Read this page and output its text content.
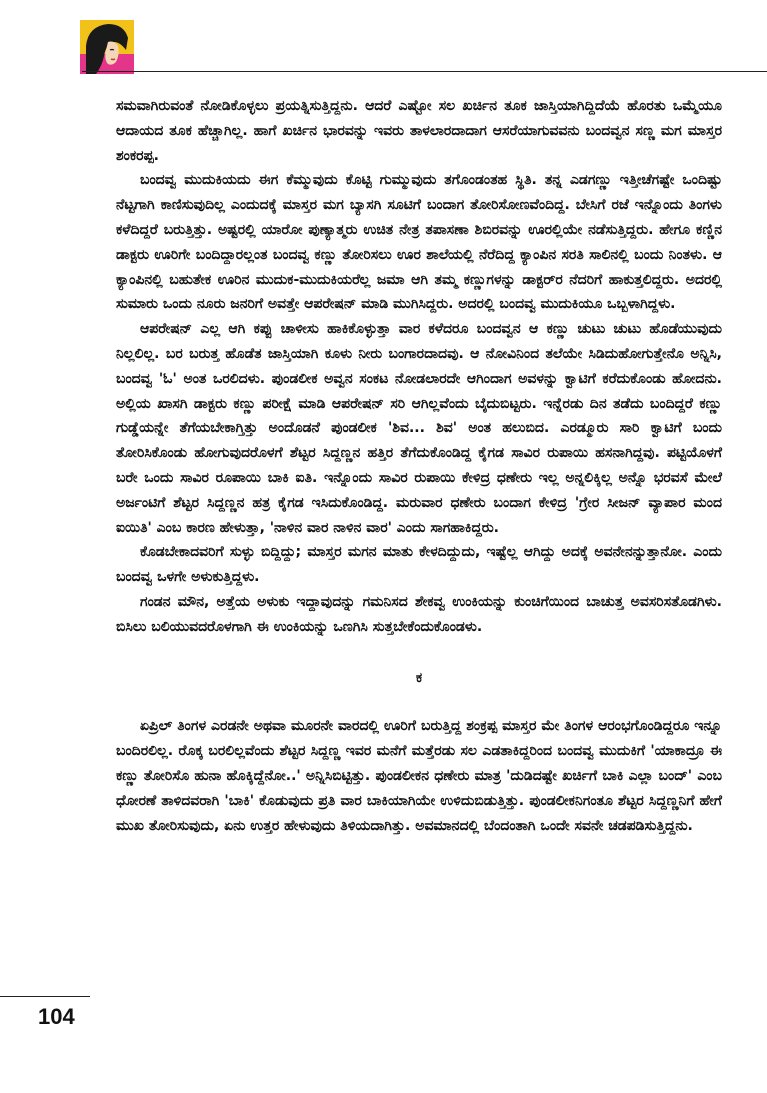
ಸಮವಾಗಿರುವಂತೆ ನೋಡಿಕೊಳ್ಳಲು ಪ್ರಯತ್ನಿಸುತ್ತಿದ್ದನು. ಆದರೆ ಎಷ್ಟೋ ಸಲ ಖರ್ಚಿನ ತೂಕ ಜಾಸ್ತಿಯಾಗಿದ್ದಿದೆಯೆ ಹೊರತು ಒಮ್ಮೆಯೂ ಆದಾಯದ ತೂಕ ಹೆಚ್ಚಾಗಿಲ್ಲ. ಹಾಗೆ ಖರ್ಚಿನ ಭಾರವನ್ನು ಇವರು ತಾಳಲಾರದಾದಾಗ ಆಸರೆಯಾಗುವವನು ಬಂದವ್ವನ ಸಣ್ಣ ಮಗ ಮಾಸ್ತರ ಶಂಕರಪ್ಪ.

ಬಂದವ್ವ ಮುದುಕಿಯದು ಈಗ ಕೆಮ್ಮುವುದು ಕೊಟ್ಟಿ ಗುಮ್ಮುವುದು ತಗೊಂಡಂತಹ ಸ್ಥಿತಿ. ತನ್ನ ಎಡಗಣ್ಣು ಇತ್ತೀಚೆಗಷ್ಟೇ ಒಂದಿಷ್ಟು ನೆಟ್ಟಗಾಗಿ ಕಾಣಿಸುವುದಿಲ್ಲ ಎಂದುದಕ್ಕೆ ಮಾಸ್ತರ ಮಗ ಬ್ಯಾಸಗಿ ಸೂಟಿಗೆ ಬಂದಾಗ ತೋರಿಸೋಣವೆಂದಿದ್ದ. ಬೇಸಿಗೆ ರಜೆ ಇನ್ನೊಂದು ತಿಂಗಳು ಕಳೆದಿದ್ದರೆ ಬರುತ್ತಿತ್ತು. ಅಷ್ಟರಲ್ಲಿ ಯಾರೋ ಪುಣ್ಯಾತ್ಮರು ಉಚಿತ ನೇತ್ರ ತಪಾಸಣಾ ಶಿಬಿರವನ್ನು ಊರಲ್ಲಿಯೇ ನಡೆಸುತ್ತಿದ್ದರು. ಹೇಗೂ ಕಣ್ಣಿನ ಡಾಕ್ಟರು ಊರಿಗೇ ಬಂದಿದ್ದಾರಲ್ಲಂತ ಬಂದವ್ವ ಕಣ್ಣು ತೋರಿಸಲು ಊರ ಶಾಲೆಯಲ್ಲಿ ನೆರೆದಿದ್ದ ಕ್ಯಾಂಪಿನ ಸರತಿ ಸಾಲಿನಲ್ಲಿ ಬಂದು ನಿಂತಳು. ಆ ಕ್ಯಾಂಪಿನಲ್ಲಿ ಬಹುತೇಕ ಊರಿನ ಮುದುಕ-ಮುದುಕಿಯರೆಲ್ಲ ಜಮಾ ಆಗಿ ತಮ್ಮ ಕಣ್ಣುಗಳನ್ನು ಡಾಕ್ಟರ್‌ರ ನೆದರಿಗೆ ಹಾಕುತ್ತಲಿದ್ದರು. ಅದರಲ್ಲಿ ಸುಮಾರು ಒಂದು ನೂರು ಜನರಿಗೆ ಅವತ್ತೇ ಆಪರೇಷನ್ ಮಾಡಿ ಮುಗಿಸಿದ್ದರು. ಅದರಲ್ಲಿ ಬಂದವ್ವ ಮುದುಕಿಯೂ ಒಬ್ಬಳಾಗಿದ್ದಳು.

ಆಪರೇಷನ್ ಎಲ್ಲ ಆಗಿ ಕಪ್ಪು ಚಾಳೀಸು ಹಾಕಿಕೊಳ್ಳುತ್ತಾ ವಾರ ಕಳೆದರೂ ಬಂದವ್ವನ ಆ ಕಣ್ಣು ಚುಟು ಚುಟು ಹೊಡೆಯುವುದು ನಿಲ್ಲಲಿಲ್ಲ. ಬರ ಬರುತ್ತ ಹೊಡೆತ ಜಾಸ್ತಿಯಾಗಿ ಕೂಳು ನೀರು ಬಂಗಾರದಾದವು. ಆ ನೋವಿನಿಂದ ತಲೆಯೇ ಸಿಡಿದುಹೋಗುತ್ತೇನೊ ಅನ್ನಿಸಿ, ಬಂದವ್ವ 'ಓ' ಅಂತ ಒರಲಿದಳು. ಪುಂಡಲೀಕ ಅವ್ವನ ಸಂಕಟ ನೋಡಲಾರದೇ ಆಗಿಂದಾಗ ಅವಳನ್ನು ಕ್ವಾಟಿಗೆ ಕರೆದುಕೊಂಡು ಹೋದನು. ಅಲ್ಲಿಯ ಖಾಸಗಿ ಡಾಕ್ಟರು ಕಣ್ಣು ಪರೀಕ್ಷೆ ಮಾಡಿ ಆಪರೇಷನ್ ಸರಿ ಆಗಿಲ್ಲವೆಂದು ಬೈದುಬಿಟ್ಟರು. ಇನ್ನೆರಡು ದಿನ ತಡೆದು ಬಂದಿದ್ದರೆ ಕಣ್ಣು ಗುಡ್ಡೆಯನ್ನೇ ತೆಗೆಯಬೇಕಾಗ್ತಿತ್ತು ಅಂದೊಡನೆ ಪುಂಡಲೀಕ 'ಶಿವ... ಶಿವ' ಅಂತ ಹಲುಬಿದ. ಎರಡ್ಮೂರು ಸಾರಿ ಕ್ವಾಟಿಗೆ ಬಂದು ತೋರಿಸಿಕೊಂಡು ಹೋಗುವುದರೊಳಗೆ ಶೆಟ್ಟರ ಸಿದ್ದಣ್ಣನ ಹತ್ತಿರ ತೆಗೆದುಕೊಂಡಿದ್ದ ಕೈಗಡ ಸಾವಿರ ರುಪಾಯಿ ಹಸನಾಗಿದ್ದವು. ಪಟ್ಟಿಯೊಳಗೆ ಬರೇ ಒಂದು ಸಾವಿರ ರೂಪಾಯಿ ಬಾಕಿ ಐತಿ. ಇನ್ನೊಂದು ಸಾವಿರ ರುಪಾಯಿ ಕೇಳಿದ್ರ ಧಣೇರು ಇಲ್ಲ ಅನ್ನಲಿಕ್ಕಿಲ್ಲ ಅನ್ನೊ ಭರವಸೆ ಮೇಲೆ ಅರ್ಜಂಟಿಗೆ ಶೆಟ್ಟರ ಸಿದ್ದಣ್ಣನ ಹತ್ರ ಕೈಗಡ ಇಸಿದುಕೊಂಡಿದ್ದ. ಮರುವಾರ ಧಣೇರು ಬಂದಾಗ ಕೇಳಿದ್ರ 'ಗ್ರೇರ ಸೀಜನ್ ವ್ಯಾಪಾರ ಮಂದ ಐಯಿತಿ' ಎಂಬ ಕಾರಣ ಹೇಳುತ್ತಾ, 'ನಾಳಿನ ವಾರ ನಾಳಿನ ವಾರ' ಎಂದು ಸಾಗಹಾಕಿದ್ದರು.

ಕೊಡಬೇಕಾದವರಿಗೆ ಸುಳ್ಳು ಬಿದ್ದಿದ್ದು; ಮಾಸ್ತರ ಮಗನ ಮಾತು ಕೇಳದಿದ್ದುದು, ಇಷ್ಟೆಲ್ಲ ಆಗಿದ್ದು ಅದಕ್ಕೆ ಅವನೇನನ್ನುತ್ತಾನೋ. ಎಂದು ಬಂದವ್ವ ಒಳಗೇ ಅಳುಕುತ್ತಿದ್ದಳು.

ಗಂಡನ ಮೌನ, ಅತ್ತೆಯ ಅಳುಕು ಇದ್ದಾವುದನ್ನು ಗಮನಿಸದ ಶೇಕವ್ವ ಉಂಕಿಯನ್ನು ಕುಂಚಿಗೆಯಿಂದ ಬಾಚುತ್ತ ಅವಸರಿಸತೊಡಗಿಳು. ಬಿಸಿಲು ಬಲಿಯುವದರೊಳಗಾಗಿ ಈ ಉಂಕಿಯನ್ನು ಒಣಗಿಸಿ ಸುತ್ತಬೇಕೆಂದುಕೊಂಡಳು.

ಕ

ಏಪ್ರಿಲ್ ತಿಂಗಳ ಎರಡನೇ ಅಥವಾ ಮೂರನೇ ವಾರದಲ್ಲಿ ಊರಿಗೆ ಬರುತ್ತಿದ್ದ ಶಂಕ್ರಪ್ಪ ಮಾಸ್ತರ ಮೇ ತಿಂಗಳ ಆರಂಭಗೊಂಡಿದ್ದರೂ ಇನ್ನೂ ಬಂದಿರಲಿಲ್ಲ. ರೊಕ್ಕ ಬರಲಿಲ್ಲವೆಂದು ಶೆಟ್ಟರ ಸಿದ್ದಣ್ಣ ಇವರ ಮನೆಗೆ ಮತ್ತೆರಡು ಸಲ ಎಡತಾಕಿದ್ದರಿಂದ ಬಂದವ್ವ ಮುದುಕಿಗೆ 'ಯಾಕಾದ್ರೂ ಈ ಕಣ್ಣು ತೋರಿಸೊ ಹುನಾ ಹೊಕ್ಕಿದ್ದೆನೋ..' ಅನ್ನಿಸಿಬಿಟ್ಟಿತ್ತು. ಪುಂಡಲೀಕನ ಧಣೇರು ಮಾತ್ರ 'ದುಡಿದಷ್ಟೇ ಖರ್ಚಿಗೆ ಬಾಕಿ ಎಲ್ಲಾ ಬಂದ್' ಎಂಬ ಧೋರಣೆ ತಾಳಿದವರಾಗಿ 'ಬಾಕಿ' ಕೊಡುವುದು ಪ್ರತಿ ವಾರ ಬಾಕಿಯಾಗಿಯೇ ಉಳಿದುಬಿಡುತ್ತಿತ್ತು. ಪುಂಡಲೀಕನಿಗಂತೂ ಶೆಟ್ಟರ ಸಿದ್ದಣ್ಣನಿಗೆ ಹೇಗೆ ಮುಖ ತೋರಿಸುವುದು, ಏನು ಉತ್ತರ ಹೇಳುವುದು ತಿಳಿಯದಾಗಿತ್ತು. ಅವಮಾನದಲ್ಲಿ ಬೆಂದಂತಾಗಿ ಒಂದೇ ಸವನೇ ಚಡಪಡಿಸುತ್ತಿದ್ದನು.

104
